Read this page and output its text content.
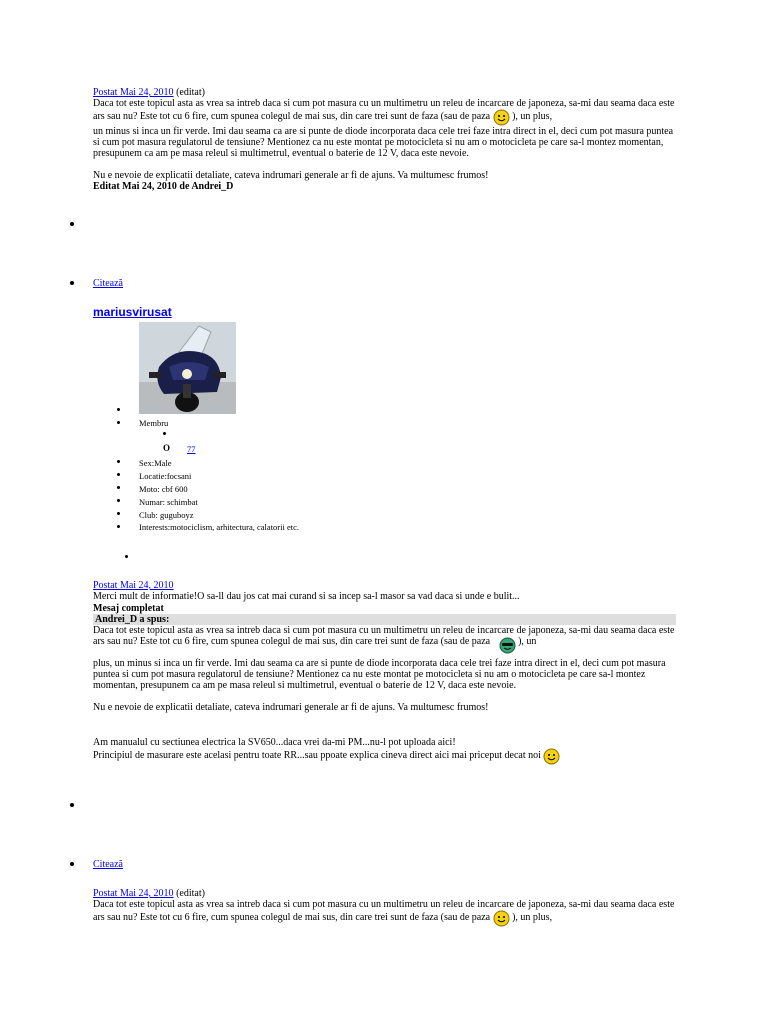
Postat Mai 24, 2010 (editat)
Daca tot este topicul asta as vrea sa intreb daca si cum pot masura cu un multimetru un releu de incarcare de japoneza, sa-mi dau seama daca este ars sau nu? Este tot cu 6 fire, cum spunea colegul de mai sus, din care trei sunt de faza (sau de paza ), un plus,
un minus si inca un fir verde. Imi dau seama ca are si punte de diode incorporata daca cele trei faze intra direct in el, deci cum pot masura puntea si cum pot masura regulatorul de tensiune? Mentionez ca nu este montat pe motocicleta si nu am o motocicleta pe care sa-l montez momentan, presupunem ca am pe masa releul si multimetrul, eventual o baterie de 12 V, daca este nevoie.
Nu e nevoie de explicatii detaliate, cateva indrumari generale ar fi de ajuns. Va multumesc frumos!
Editat Mai 24, 2010 de Andrei_D
Citează
mariusvirusat
Membru
O 77
Sex:Male
Locatie:focsani
Moto: cbf 600
Numar: schimbat
Club: guguboyz
Interests:motociclism, arhitectura, calatorii etc.
Postat Mai 24, 2010
Merci mult de informatie!O sa-ll dau jos cat mai curand si sa incep sa-l masor sa vad daca si unde e bulit...
Mesaj completat
Andrei_D a spus:
Daca tot este topicul asta as vrea sa intreb daca si cum pot masura cu un multimetru un releu de incarcare de japoneza, sa-mi dau seama daca este ars sau nu? Este tot cu 6 fire, cum spunea colegul de mai sus, din care trei sunt de faza (sau de paza	), un
plus, un minus si inca un fir verde. Imi dau seama ca are si punte de diode incorporata daca cele trei faze intra direct in el, deci cum pot masura puntea si cum pot masura regulatorul de tensiune? Mentionez ca nu este montat pe motocicleta si nu am o motocicleta pe care sa-l montez momentan, presupunem ca am pe masa releul si multimetrul, eventual o baterie de 12 V, daca este nevoie.
Nu e nevoie de explicatii detaliate, cateva indrumari generale ar fi de ajuns. Va multumesc frumos!
Am manualul cu sectiunea electrica la SV650...daca vrei da-mi PM...nu-l pot uploada aici!
Principiul de masurare este acelasi pentru toate RR...sau ppoate explica cineva direct aici mai priceput decat noi
Citează
Postat Mai 24, 2010 (editat)
Daca tot este topicul asta as vrea sa intreb daca si cum pot masura cu un multimetru un releu de incarcare de japoneza, sa-mi dau seama daca este ars sau nu? Este tot cu 6 fire, cum spunea colegul de mai sus, din care trei sunt de faza (sau de paza ), un plus,
